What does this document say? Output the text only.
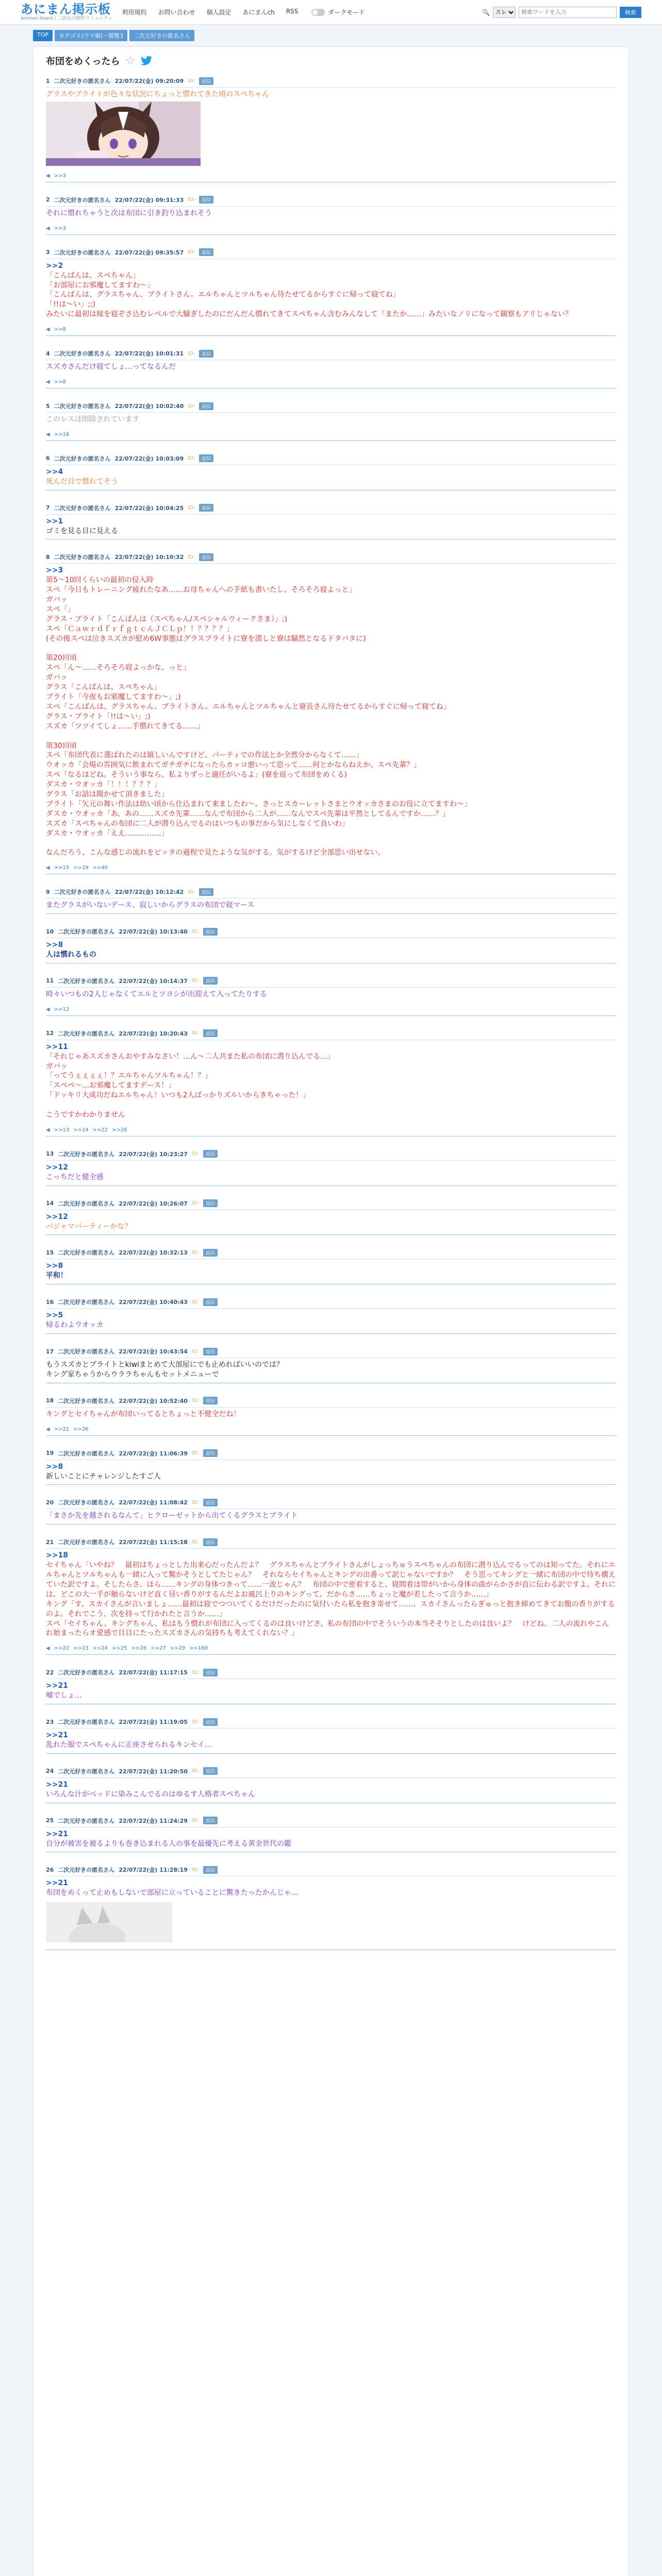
あにまん掲示板
animan.board / 二次元の創作コミュニティ
利用規約 お問い合わせ 個人設定 あにまんch RSS	ダークモード	🔍
スレ
検索ワードを入力	検索
TOP	カテゴリ(ウマ娘)・閲覧3	二次元好きの匿名さん
布団をめくったら ☆
1 二次元好きの匿名さん 22/07/22(金) 09:20:09 ID:	返信
グラスやブライトが色々な状況にちょっと慣れてきた頃のスペちゃん
◀ >>3
2 二次元好きの匿名さん 22/07/22(金) 09:31:33 ID:	返信
それに慣れちゃうと次は布団に引き釣り込まれそう
◀ >>3
3 二次元好きの匿名さん 22/07/22(金) 09:35:57 ID:	返信
>>2
「こんばんは、スペちゃん」
「お部屋にお邪魔してますわ〜」
「こんばんは、グラスちゃん、ブライトさん。エルちゃんとツルちゃん待たせてるからすぐに帰って寝てね」
「!!は〜い」;;)
みたいに最初は嫁を寝ぞさ込むレベルで大騒ぎしたのにだんだん慣れてきてスペちゃん含むみんなして「またか……」みたいなノリになって観察もアリじゃない？
◀ >>8
4 二次元好きの匿名さん 22/07/22(金) 10:01:31 ID:	返信
スズカさんだけ寝てしょ…ってなるんだ
◀ >>8
5 二次元好きの匿名さん 22/07/22(金) 10:02:40 ID:	返信
このレスは削除されています
◀ >>16
6 二次元好きの匿名さん 22/07/22(金) 10:03:09 ID:	返信
>>4
死んだ目で慣れてそう
7 二次元好きの匿名さん 22/07/22(金) 10:04:25 ID:	返信
>>1
ゴミを見る目に見える
8 二次元好きの匿名さん 22/07/22(金) 10:10:32 ID:	返信
>>3
第5〜10回くらいの最初の侵入時
スペ「今日もトレーニング疲れたなあ……お母ちゃんへの手紙も書いたし、そろそろ寝よっと」
ガバッ
スペ「」
グラス・ブライト「こんばんは（スペちゃん/スペシャルウィークさま）」;)
スペ「ＣａｗｒｄｆｒｆｇｔｃんＪＣＬｐ！！？？？？」
(その後スペは泣きスズカが慰め6W事態はグラスブライトに寮を潰しと寮は騒然となるドタバタに)

第20回頃
スペ「ん〜……そろそろ寝よっかな、っと」
ガバッ
グラス「こんばんは、スペちゃん」
ブライト「今夜もお邪魔してますわ〜」;)
スペ「こんばんは、グラスちゃん、ブライトさん。エルちゃんとツルちゃんと寮長さん待たせてるからすぐに帰って寝てね」
グラス・ブライト「!!は〜い」;)
スズカ「ツツイてしょ……手慣れてきてる……」

第30回頃
スペ「布団代表に選ばれたのは嬉しいんですけど、パーティでの作法とか全然分からなくて……」
ウオッカ「会場の雰囲気に飲まれてガチガチになったらカッコ悪いって思って……何とかならねえか、スペ先輩？」
スペ「なるほどね。そういう事なら、私よりずっと適任がいるよ」(寮を返って布団をめくる)
ダスカ・ウオッカ「！！！？？？」
グラス「お話は聞かせて頂きました」
ブライト「矢元の舞い作法は幼い頃から仕込まれて来ましたわ〜。さっとスカーレットさまとウオッカさまのお役に立てますわ〜」
ダスカ・ウオッカ「あ、あの……スズカ先輩……なんで布団から二人が……なんでスペ先輩は平然としてるんですか……？」
スズカ「スペちゃんの布団に二人が潜り込んでるのはいつもの事だから気にしなくて良いわ」
ダスカ・ウオッカ「ええ……………」

なんだろう、こんな感じの流れをピッタの過程で見たような気がする。気がするけど全部思い出せない。
◀ >>15 >>19 >>40
9 二次元好きの匿名さん 22/07/22(金) 10:12:42 ID:	返信
またグラスがいないデース、寂しいからグラスの布団で寝マース
10 二次元好きの匿名さん 22/07/22(金) 10:13:40 ID:	返信
>>8
人は慣れるもの
11 二次元好きの匿名さん 22/07/22(金) 10:14:37 ID:	返信
時々いつもの2人じゃなくてエルとツヨシが出迎えて入ってたりする
◀ >>12
12 二次元好きの匿名さん 22/07/22(金) 10:20:43 ID:	返信
>>11
「それじゃあスズカさんおやすみなさい！…ん〜二人共また私の布団に潜り込んでる…」
ガバッ
「ってうぇぇぇぇ！？エルちゃんツルちゃん！？」
「スペペ〜…お邪魔してますデース！」
「ドッキリ大成功だねエルちゃん！いつも2人ばっかりズルいからきちゃった！」

こうですかわかりません
◀ >>13 >>14 >>22 >>26
13 二次元好きの匿名さん 22/07/22(金) 10:23:27 ID:	返信
>>12
こっちだと健全感
14 二次元好きの匿名さん 22/07/22(金) 10:26:07 ID:	返信
>>12
パジャマパーティーかな？
15 二次元好きの匿名さん 22/07/22(金) 10:32:13 ID:	返信
>>8
平和！
16 二次元好きの匿名さん 22/07/22(金) 10:40:43 ID:	返信
>>5
帰るわよウオッカ
17 二次元好きの匿名さん 22/07/22(金) 10:43:54 ID:	返信
もうスズカとブライトとkiwiまとめて大部屋にでも止めればいいのでは？
キング家ちゃうからウララちゃんもセットメニューで
18 二次元好きの匿名さん 22/07/22(金) 10:52:40 ID:	返信
キングとセイちゃんが布団いってるとちょっと不健全だね！
◀ >>21 >>26
19 二次元好きの匿名さん 22/07/22(金) 11:06:39 ID:	返信
>>8
新しいことにチャレンジしたすご人
20 二次元好きの匿名さん 22/07/22(金) 11:08:42 ID:	返信
「まさか先を越されるなんて」ヒクローゼットから出てくるグラスとブライト
21 二次元好きの匿名さん 22/07/22(金) 11:15:18 ID:	返信
>>18
セイちゃん「いやね？　最初はちょっとした出来心だったんだよ？　グラスちゃんとブライトさんがしょっちゅうスペちゃんの布団に潜り込んでるってのは知ってた。それにエルちゃんとツルちゃんも一緒に入って驚かそうとしてたじゃん？　それならセイちゃんとキングの出番って訳じゃないですか？　そう思ってキングと一緒に布団の中で待ち構えていた訳ですよ。そしたらさ、ほら……キングの身体つきって……一流じゃん？　布団の中で密着すると、寝間着ほ帯がいから身体の曲がらかさが直に伝わる訳ですよ。それには、どこの大一手が触らないけど直く昼い香りがするんだよお風呂上りのキングって。だからさ……ちょっと魔が差したって言うか……」
キング「す、スカイさんが言いましょ……最初は寝でつついてくるだけだったのに気付いたら私を抱き寄せて……、スカイさんったらぎゅっと抱き締めてきてお腹の香りがするのよ。それでこう、次を持って行かれたと言うか……」
スペ「セイちゃん、キングちゃん、私はもう慣れが布団に入ってくるのは良いけどさ、私の布団の中でそういうの本当そそりとしたのは良いよ？　けどね、二人の流れやこんれ始まったらオ愛感で目目にたったスズカさんの気持ちも考えてくれない？」
◀ >>22 >>23 >>24 >>25 >>26 >>27 >>29 >>169
22 二次元好きの匿名さん 22/07/22(金) 11:17:15 ID:	返信
>>21
嘘でしょ…
23 二次元好きの匿名さん 22/07/22(金) 11:19:05 ID:	返信
>>21
乱れた服でスペちゃんに正座させられるキンセイ…
24 二次元好きの匿名さん 22/07/22(金) 11:20:50 ID:	返信
>>21
いろんな汁がベッドに染みこんでるのはゆるす人格者スペちゃん
25 二次元好きの匿名さん 22/07/22(金) 11:24:29 ID:	返信
>>21
自分が被害を被るよりも巻き込まれる人の事を最優先に考える黄金世代の鑑
26 二次元好きの匿名さん 22/07/22(金) 11:28:19 ID:	返信
>>21
布団をめくって止めもしないで部屋に立っていることに驚きたったかんじゃ…
